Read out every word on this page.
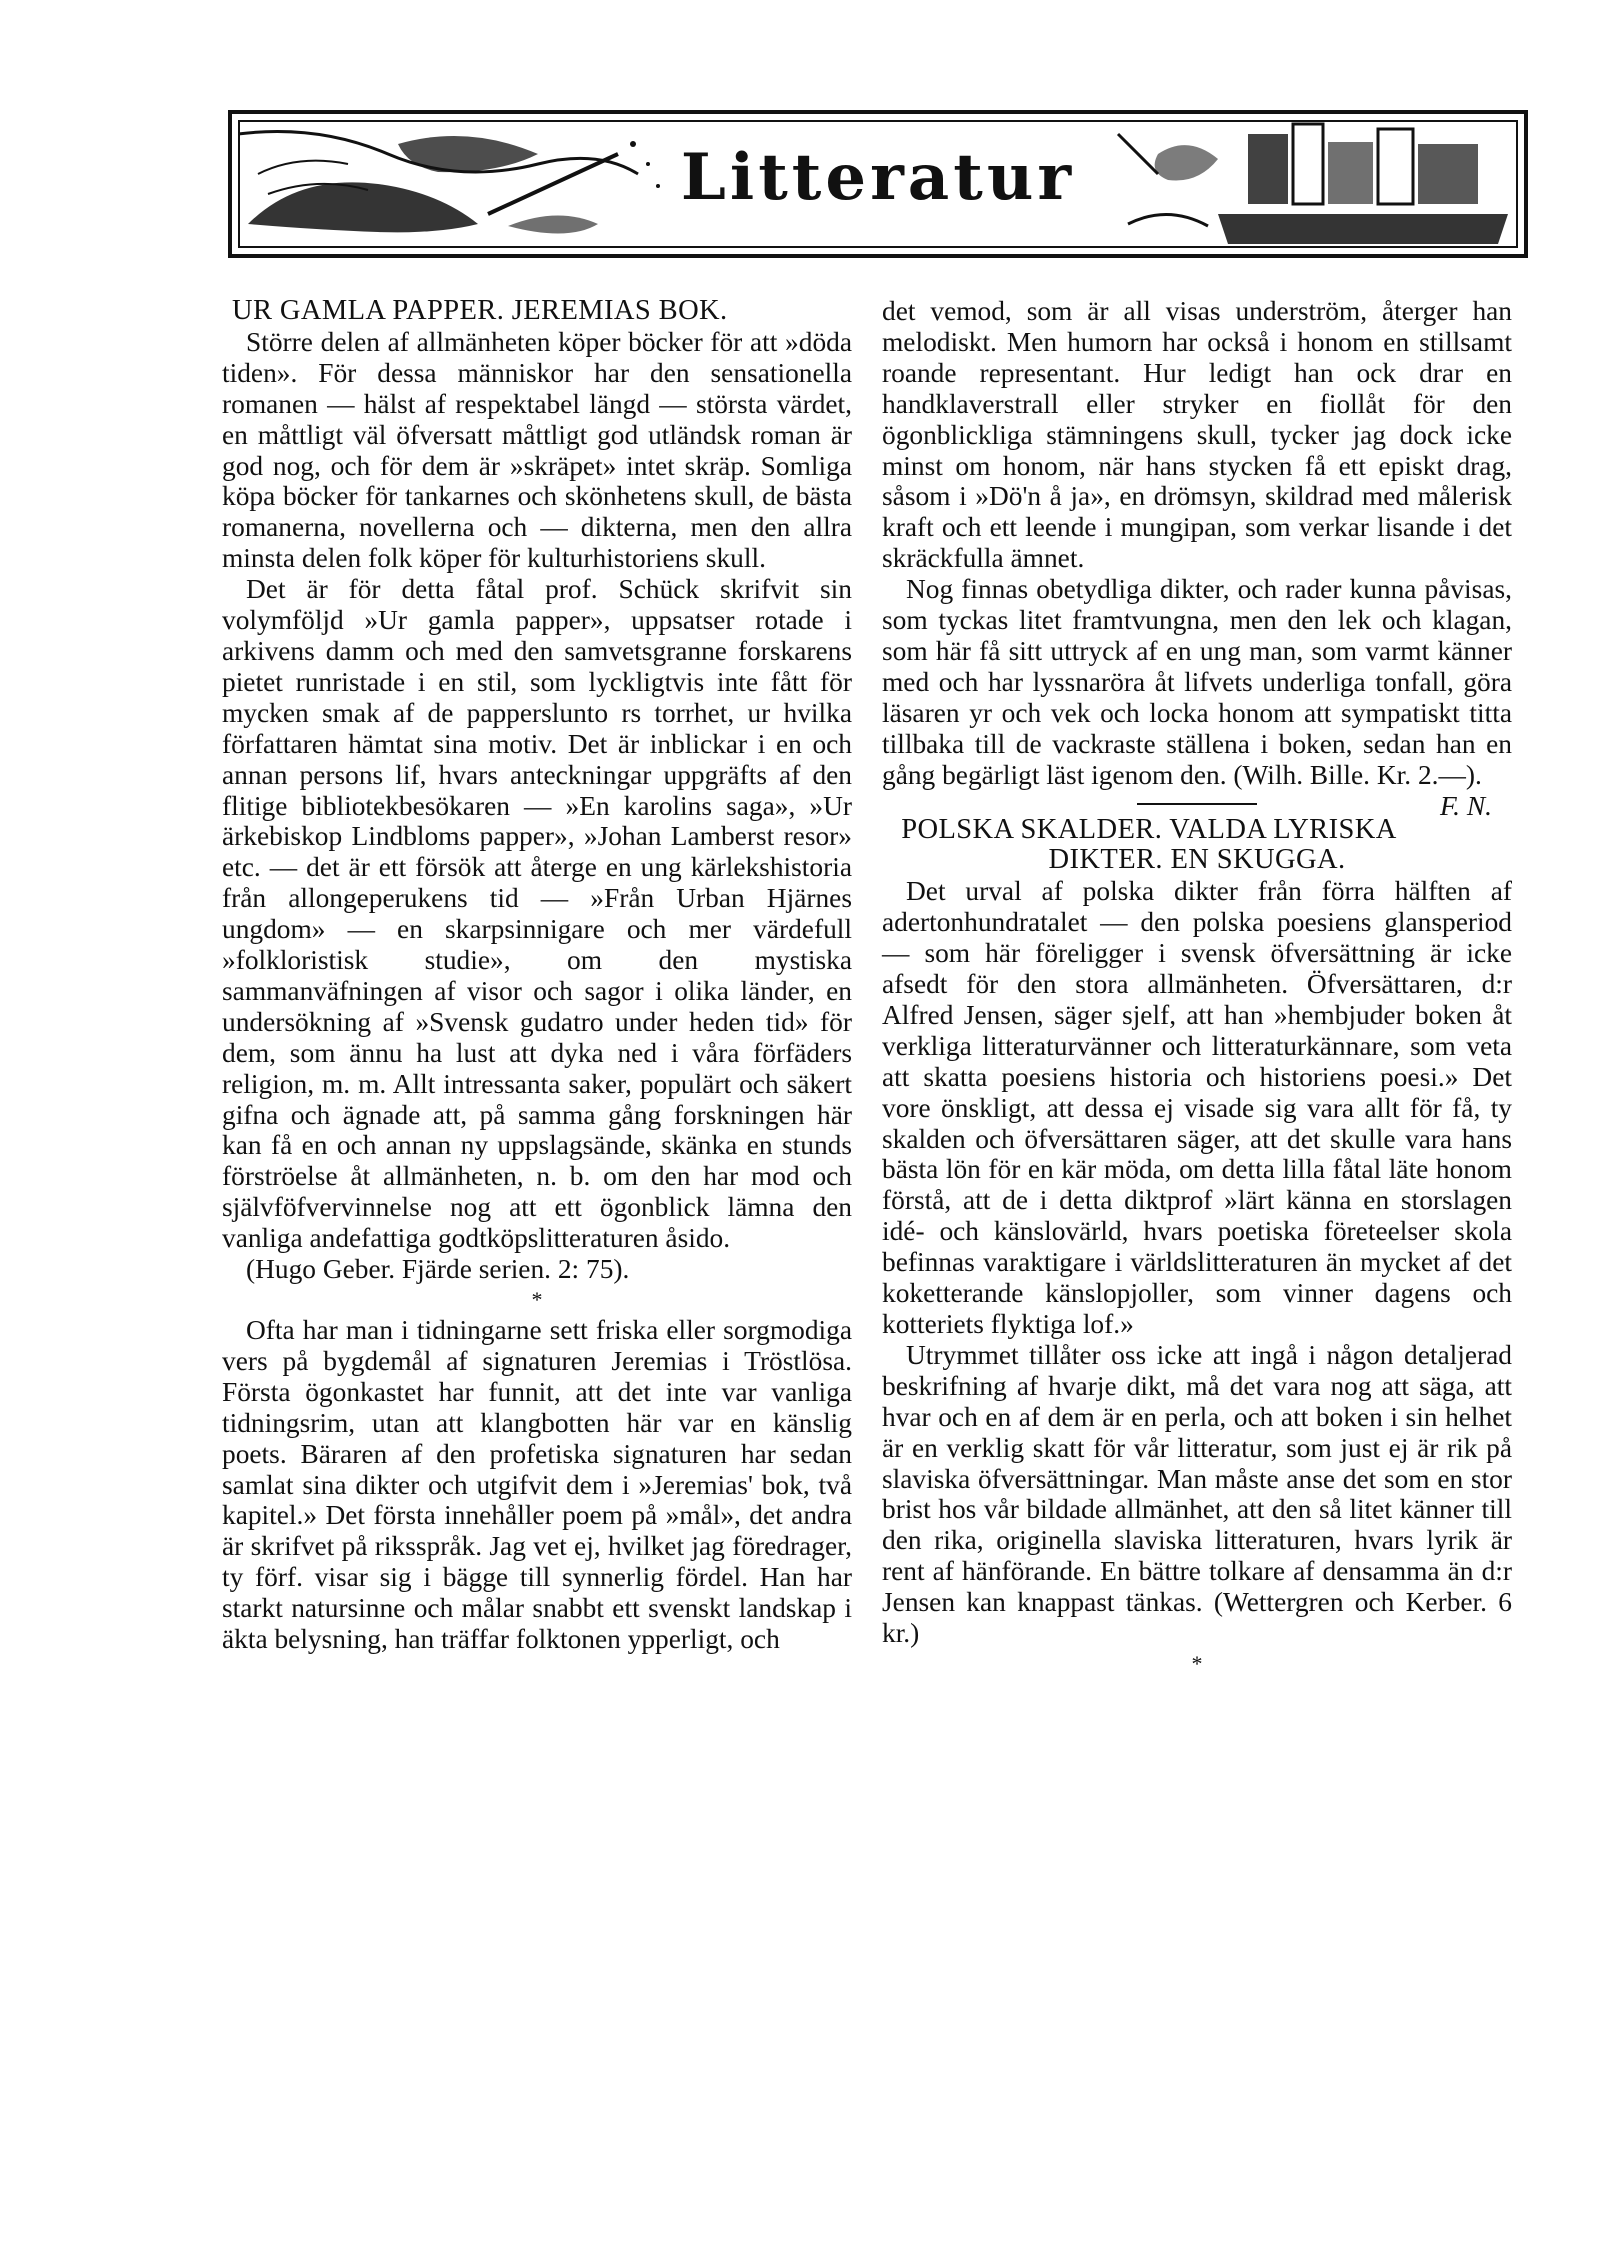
Litteratur
UR GAMLA PAPPER. JEREMIAS BOK.

Större delen af allmänheten köper böcker för att »döda tiden». För dessa människor har den sensationella romanen — hälst af respektabel längd — största värdet, en måttligt väl öfversatt måttligt god utländsk roman är god nog, och för dem är »skräpet» intet skräp. Somliga köpa böcker för tankarnes och skönhetens skull, de bästa romanerna, novellerna och — dikterna, men den allra minsta delen folk köper för kulturhistoriens skull.

Det är för detta fåtal prof. Schück skrifvit sin volymföljd »Ur gamla papper», uppsatser rotade i arkivens damm och med den samvetsgranne forskarens pietet runristade i en stil, som lyckligtvis inte fått för mycken smak af de papperslunto rs torrhet, ur hvilka författaren hämtat sina motiv. Det är inblickar i en och annan persons lif, hvars anteckningar uppgräfts af den flitige bibliotekbesökaren — »En karolins saga», »Ur ärkebiskop Lindbloms papper», »Johan Lamberst resor» etc. — det är ett försök att återge en ung kärlekshistoria från allongeperukens tid — »Från Urban Hjärnes ungdom» — en skarpsinnigare och mer värdefull »folkloristisk studie», om den mystiska sammanväfningen af visor och sagor i olika länder, en undersökning af »Svensk gudatro under heden tid» för dem, som ännu ha lust att dyka ned i våra förfäders religion, m. m. Allt intressanta saker, populärt och säkert gifna och ägnade att, på samma gång forskningen här kan få en och annan ny uppslagsände, skänka en stunds förströelse åt allmänheten, n. b. om den har mod och självföfvervinnelse nog att ett ögonblick lämna den vanliga andefattiga godtköpslitteraturen åsido.

(Hugo Geber. Fjärde serien. 2: 75).

*

Ofta har man i tidningarne sett friska eller sorgmodiga vers på bygdemål af signaturen Jeremias i Tröstlösa. Första ögonkastet har funnit, att det inte var vanliga tidningsrim, utan att klangbotten här var en känslig poets. Bäraren af den profetiska signaturen har sedan samlat sina dikter och utgifvit dem i »Jeremias' bok, två kapitel.» Det första innehåller poem på »mål», det andra är skrifvet på riksspråk. Jag vet ej, hvilket jag föredrager, ty förf. visar sig i bägge till synnerlig fördel. Han har starkt natursinne och målar snabbt ett svenskt landskap i äkta belysning, han träffar folktonen ypperligt, och

det vemod, som är all visas underström, återger han melodiskt. Men humorn har också i honom en stillsamt roande representant. Hur ledigt han ock drar en handklaverstrall eller stryker en fiollåt för den ögonblickliga stämningens skull, tycker jag dock icke minst om honom, när hans stycken få ett episkt drag, såsom i »Dö'n å ja», en drömsyn, skildrad med målerisk kraft och ett leende i mungipan, som verkar lisande i det skräckfulla ämnet.

Nog finnas obetydliga dikter, och rader kunna påvisas, som tyckas litet framtvungna, men den lek och klagan, som här få sitt uttryck af en ung man, som varmt känner med och har lyssnaröra åt lifvets underliga tonfall, göra läsaren yr och vek och locka honom att sympatiskt titta tillbaka till de vackraste ställena i boken, sedan han en gång begärligt läst igenom den. (Wilh. Bille. Kr. 2.—).
F. N.

POLSKA SKALDER. VALDA LYRISKA DIKTER. EN SKUGGA.

Det urval af polska dikter från förra hälften af adertonhundratalet — den polska poesiens glansperiod — som här föreligger i svensk öfversättning är icke afsedt för den stora allmänheten. Öfversättaren, d:r Alfred Jensen, säger sjelf, att han »hembjuder boken åt verkliga litteraturvänner och litteraturkännare, som veta att skatta poesiens historia och historiens poesi.» Det vore önskligt, att dessa ej visade sig vara allt för få, ty skalden och öfversättaren säger, att det skulle vara hans bästa lön för en kär möda, om detta lilla fåtal läte honom förstå, att de i detta diktprof »lärt känna en storslagen idé- och känslovärld, hvars poetiska företeelser skola befinnas varaktigare i världslitteraturen än mycket af det koketterande känslopjoller, som vinner dagens och kotteriets flyktiga lof.»

Utrymmet tillåter oss icke att ingå i någon detaljerad beskrifning af hvarje dikt, må det vara nog att säga, att hvar och en af dem är en perla, och att boken i sin helhet är en verklig skatt för vår litteratur, som just ej är rik på slaviska öfversättningar. Man måste anse det som en stor brist hos vår bildade allmänhet, att den så litet känner till den rika, originella slaviska litteraturen, hvars lyrik är rent af hänförande. En bättre tolkare af densamma än d:r Jensen kan knappast tänkas. (Wettergren och Kerber. 6 kr.)

*
